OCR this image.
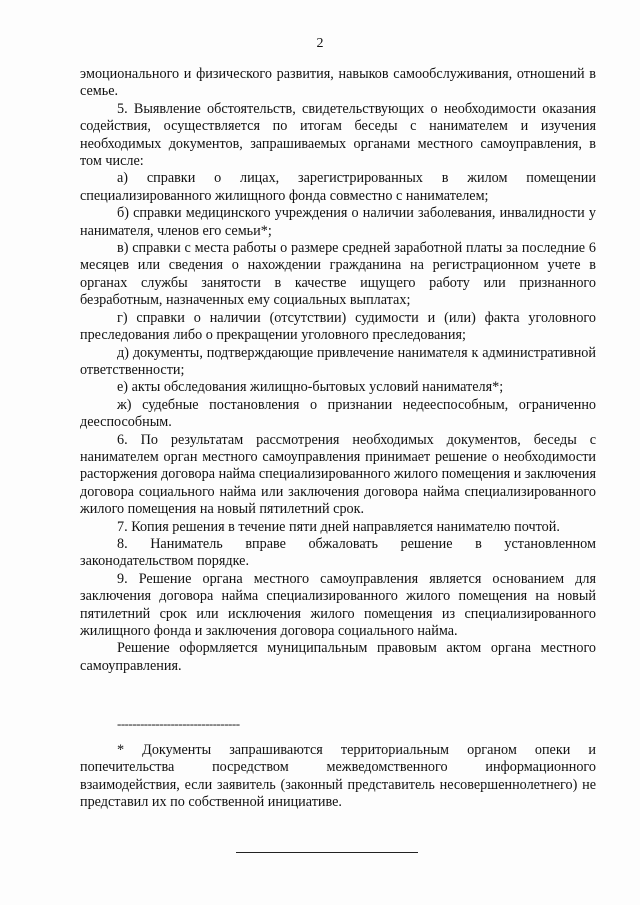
2

эмоционального и физического развития, навыков самообслуживания, отношений в семье.

5. Выявление обстоятельств, свидетельствующих о необходимости оказания содействия, осуществляется по итогам беседы с нанимателем и изучения необходимых документов, запрашиваемых органами местного самоуправления, в том числе:

а) справки о лицах, зарегистрированных в жилом помещении специализированного жилищного фонда совместно с нанимателем;

б) справки медицинского учреждения о наличии заболевания, инвалидности у нанимателя, членов его семьи*;

в) справки с места работы о размере средней заработной платы за последние 6 месяцев или сведения о нахождении гражданина на регистрационном учете в органах службы занятости в качестве ищущего работу или признанного безработным, назначенных ему социальных выплатах;

г) справки о наличии (отсутствии) судимости и (или) факта уголовного преследования либо о прекращении уголовного преследования;

д) документы, подтверждающие привлечение нанимателя к административной ответственности;

е) акты обследования жилищно-бытовых условий нанимателя*;

ж) судебные постановления о признании недееспособным, ограниченно дееспособным.

6. По результатам рассмотрения необходимых документов, беседы с нанимателем орган местного самоуправления принимает решение о необходимости расторжения договора найма специализированного жилого помещения и заключения договора социального найма или заключения договора найма специализированного жилого помещения на новый пятилетний срок.

7. Копия решения в течение пяти дней направляется нанимателю почтой.

8. Наниматель вправе обжаловать решение в установленном законодательством порядке.

9. Решение органа местного самоуправления является основанием для заключения договора найма специализированного жилого помещения на новый пятилетний срок или исключения жилого помещения из специализированного жилищного фонда и заключения договора социального найма.

Решение оформляется муниципальным правовым актом органа местного самоуправления.

--------------------------------

* Документы запрашиваются территориальным органом опеки и попечительства посредством межведомственного информационного взаимодействия, если заявитель (законный представитель несовершеннолетнего) не представил их по собственной инициативе.
